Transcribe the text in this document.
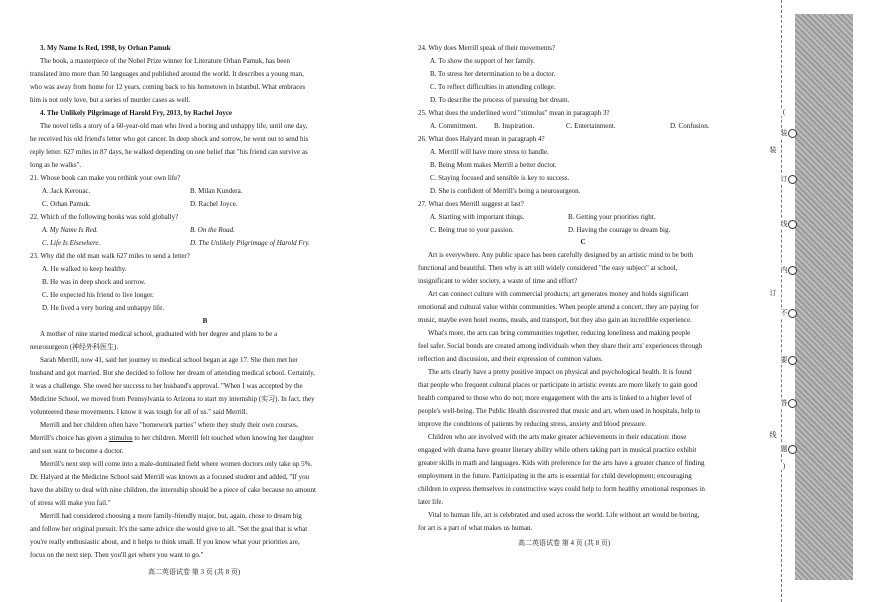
3. My Name Is Red, 1998, by Orhan Pamuk
The book, a masterpiece of the Nobel Prize winner for Literature Orhan Pamuk, has been
translated into more than 50 languages and published around the world. It describes a young man,
who was away from home for 12 years, coming back to his hometown in Istanbul. What embraces
him is not only love, but a series of murder cases as well.
4. The Unlikely Pilgrimage of Harold Fry, 2013, by Rachel Joyce
The novel tells a story of a 60-year-old man who lived a boring and unhappy life, until one day,
he received his old friend's letter who got cancer. In deep shock and sorrow, he went out to send his
reply letter. 627 miles in 87 days, he walked depending on one belief that "his friend can survive as
long as he walks".
21. Whose book can make you rethink your own life?
A. Jack Kerouac.	B. Milan Kundera.
C. Orhan Pamuk.	D. Rachel Joyce.
22. Which of the following books was sold globally?
A. My Name Is Red.	B. On the Road.
C. Life Is Elsewhere.	D. The Unlikely Pilgrimage of Harold Fry.
23. Why did the old man walk 627 miles to send a letter?
A. He walked to keep healthy.
B. He was in deep shock and sorrow.
C. He expected his friend to live longer.
D. He lived a very boring and unhappy life.
B
A mother of nine started medical school, graduated with her degree and plans to be a
neurosurgeon (神经外科医生).
Sarah Merrill, now 41, said her journey to medical school began at age 17. She then met her
husband and got married. But she decided to follow her dream of attending medical school. Certainly,
it was a challenge. She owed her success to her husband's approval. "When I was accepted by the
Medicine School, we moved from Pennsylvania to Arizona to start my internship (实习). In fact, they
volunteered these movements. I know it was tough for all of us." said Merrill.
Merrill and her children often have "homework parties" where they study their own courses.
Merrill's choice has given a stimulus to her children. Merrill felt touched when knowing her daughter
and son want to become a doctor.
Merrill's next step will come into a male-dominated field where women doctors only take up 5%.
Dr. Halyard at the Medicine School said Merrill was known as a focused student and added, "If you
have the ability to deal with nine children, the internship should be a piece of cake because no amount
of stress will make you fail."
Merrill had considered choosing a more family-friendly major, but, again, chose to dream big
and follow her original pursuit. It's the same advice she would give to all. "Set the goal that is what
you're really enthusiastic about, and it helps to think small. If you know what your priorities are,
focus on the next step. Then you'll get where you want to go."
高二英语试卷 第 3 页 (共 8 页)
24. Why does Merrill speak of their movements?
A. To show the support of her family.
B. To stress her determination to be a doctor.
C. To reflect difficulties in attending college.
D. To describe the process of pursuing her dream.
25. What does the underlined word "stimulus" mean in paragraph 3?
A. Commitment. B. Inspiration.	C. Entertainment.	D. Confusion.
26. What does Halyard mean in paragraph 4?
A. Merrill will have more stress to handle.
B. Being Mom makes Merrill a better doctor.
C. Staying focused and sensible is key to success.
D. She is confident of Merrill's being a neurosurgeon.
27. What does Merrill suggest at last?
A. Starting with important things.	B. Getting your priorities right.
C. Being true to your passion.	D. Having the courage to dream big.
C
Art is everywhere. Any public space has been carefully designed by an artistic mind to be both
functional and beautiful. Then why is art still widely considered "the easy subject" at school,
insignificant to wider society, a waste of time and effort?
Art can connect culture with commercial products; art generates money and holds significant
emotional and cultural value within communities. When people attend a concert, they are paying for
music, maybe even hotel rooms, meals, and transport, but they also gain an incredible experience.
What's more, the arts can bring communities together, reducing loneliness and making people
feel safer. Social bonds are created among individuals when they share their arts' experiences through
reflection and discussion, and their expression of common values.
The arts clearly have a pretty positive impact on physical and psychological health. It is found
that people who frequent cultural places or participate in artistic events are more likely to gain good
health compared to those who do not; more engagement with the arts is linked to a higher level of
people's well-being. The Public Health discovered that music and art, when used in hospitals, help to
improve the conditions of patients by reducing stress, anxiety and blood pressure.
Children who are involved with the arts make greater achievements in their education: those
engaged with drama have greater literary ability while others taking part in musical practice exhibit
greater skills in math and languages. Kids with preference for the arts have a greater chance of finding
employment in the future. Participating in the arts is essential for child development; encouraging
children to express themselves in constructive ways could help to form healthy emotional responses in
later life.
Vital to human life, art is celebrated and used across the world. Life without art would be boring,
for art is a part of what makes us human.
高二英语试卷 第 4 页 (共 8 页)
(
装
订
线
内
不
要
答
题
)
装
订
线
